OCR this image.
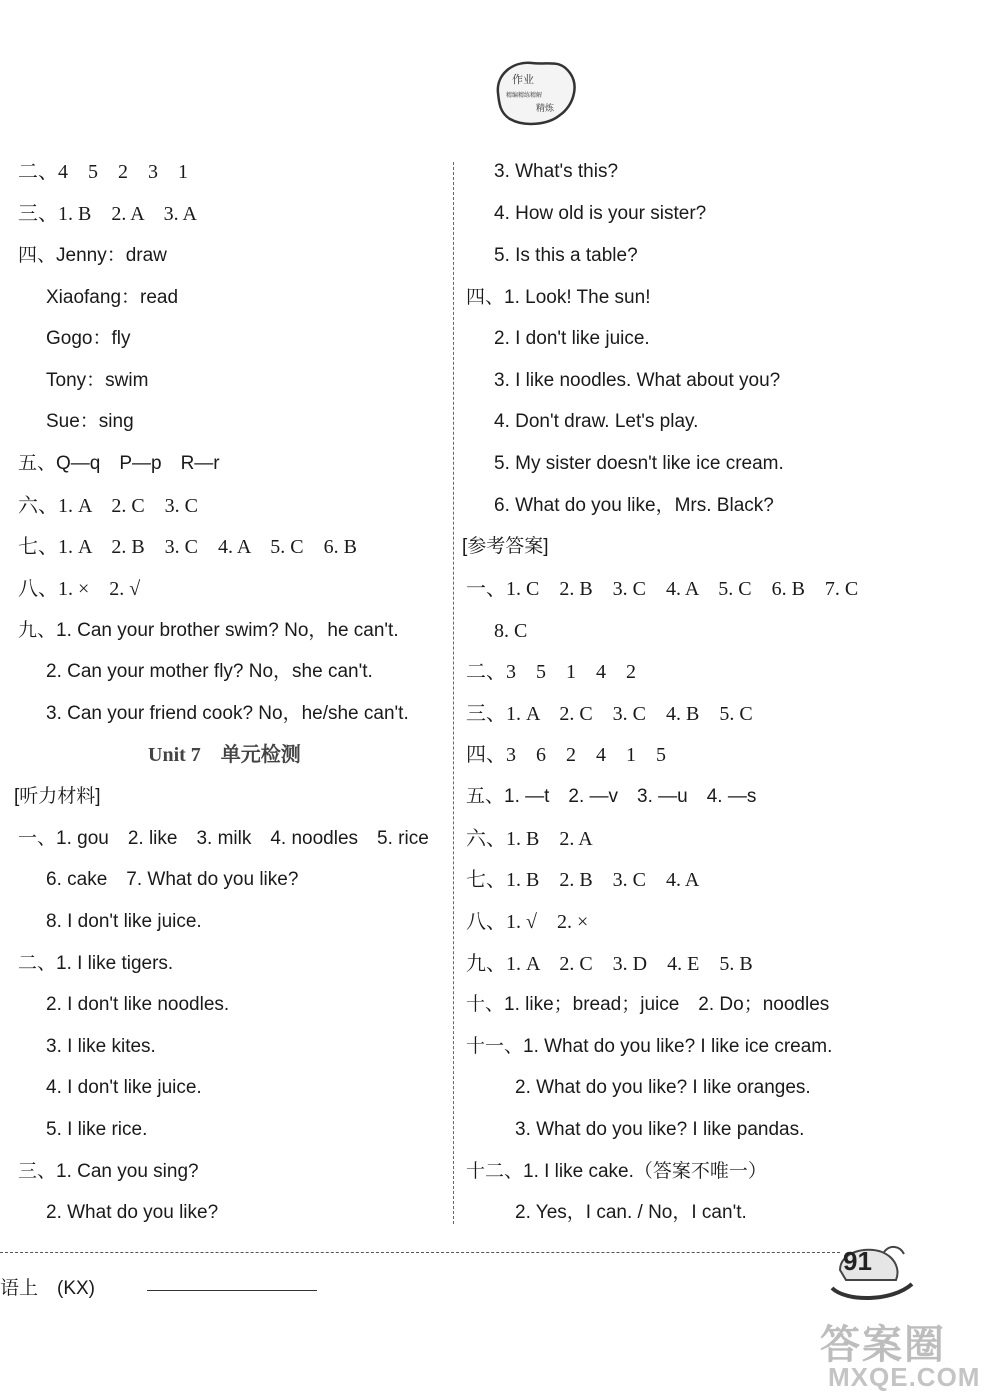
作业
精编精练精解
精炼
二、4　5　2　3　1
三、1. B　2. A　3. A
四、Jenny：draw
Xiaofang：read
Gogo：fly
Tony：swim
Sue：sing
五、Q—q　P—p　R—r
六、1. A　2. C　3. C
七、1. A　2. B　3. C　4. A　5. C　6. B
八、1. ×　2. √
九、1. Can your brother swim? No，he can't.
2. Can your mother fly? No，she can't.
3. Can your friend cook? No，he/she can't.
Unit 7　单元检测
[听力材料]
一、1. gou　2. like　3. milk　4. noodles　5. rice
6. cake　7. What do you like?
8. I don't like juice.
二、1. I like tigers.
2. I don't like noodles.
3. I like kites.
4. I don't like juice.
5. I like rice.
三、1. Can you sing?
2. What do you like?
3. What's this?
4. How old is your sister?
5. Is this a table?
四、1. Look! The sun!
2. I don't like juice.
3. I like noodles. What about you?
4. Don't draw. Let's play.
5. My sister doesn't like ice cream.
6. What do you like，Mrs. Black?
[参考答案]
一、1. C　2. B　3. C　4. A　5. C　6. B　7. C
8. C
二、3　5　1　4　2
三、1. A　2. C　3. C　4. B　5. C
四、3　6　2　4　1　5
五、1. —t　2. —v　3. —u　4. —s
六、1. B　2. A
七、1. B　2. B　3. C　4. A
八、1. √　2. ×
九、1. A　2. C　3. D　4. E　5. B
十、1. like；bread；juice　2. Do；noodles
十一、1. What do you like? I like ice cream.
2. What do you like? I like oranges.
3. What do you like? I like pandas.
十二、1. I like cake.（答案不唯一）
2. Yes，I can. / No，I can't.
语上　(KX)
91
答案圈
MXQE.COM
